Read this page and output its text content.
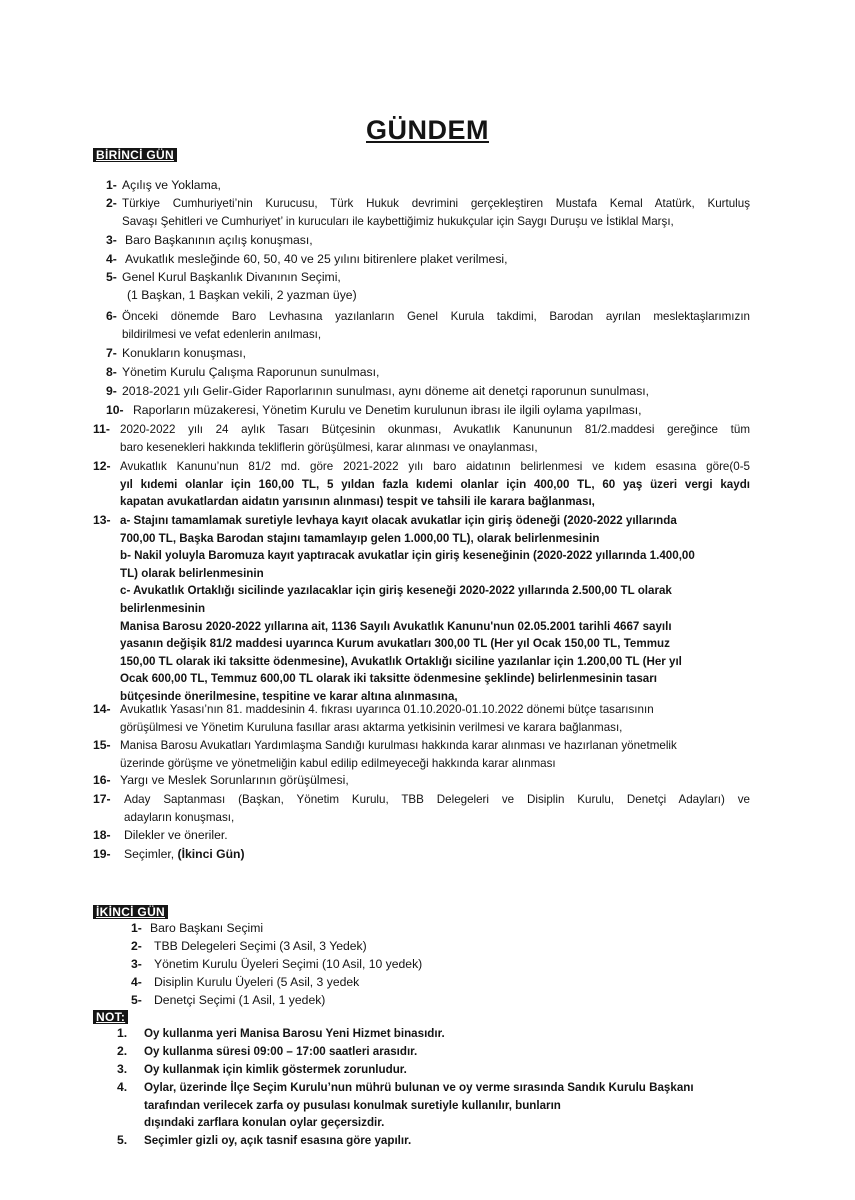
GÜNDEM
BİRİNCİ GÜN
1- Açılış ve Yoklama,

2- Türkiye Cumhuriyeti’nin Kurucusu, Türk Hukuk devrimini gerçekleştiren Mustafa Kemal Atatürk, Kurtuluş

Savaşı Şehitleri ve Cumhuriyet’ in kurucuları ile kaybettiğimiz hukukçular için Saygı Duruşu ve İstiklal Marşı,

3- Baro Başkanının açılış konuşması,

4- Avukatlık mesleğinde 60, 50, 40 ve 25 yılını bitirenlere plaket verilmesi,

5- Genel Kurul Başkanlık Divanının Seçimi,

(1 Başkan, 1 Başkan vekili, 2 yazman üye)

6- Önceki dönemde Baro Levhasına yazılanların Genel Kurula takdimi, Barodan ayrılan meslektaşlarımızın

bildirilmesi ve vefat edenlerin anılması,

7- Konukların konuşması,

8- Yönetim Kurulu Çalışma Raporunun sunulması,

9- 2018-2021 yılı Gelir-Gider Raporlarının sunulması, aynı döneme ait denetçi raporunun sunulması,

10- Raporların müzakeresi, Yönetim Kurulu ve Denetim kurulunun ibrası ile ilgili oylama yapılması,

11- 2020-2022 yılı 24 aylık Tasarı Bütçesinin okunması, Avukatlık Kanununun 81/2.maddesi gereğince tüm

baro kesenekleri hakkında tekliflerin görüşülmesi, karar alınması ve onaylanması,

12- Avukatlık Kanunu’nun 81/2 md. göre 2021-2022 yılı baro aidatının belirlenmesi ve kıdem esasına göre(0-5

yıl kıdemi olanlar için 160,00 TL, 5 yıldan fazla kıdemi olanlar için 400,00 TL, 60 yaş üzeri vergi kaydı

kapatan avukatlardan aidatın yarısının alınması) tespit ve tahsili ile karara bağlanması,

13- a- Stajını tamamlamak suretiyle levhaya kayıt olacak avukatlar için giriş ödeneği (2020-2022 yıllarında

700,00 TL, Başka Barodan stajını tamamlayıp gelen 1.000,00 TL), olarak belirlenmesinin

b- Nakil yoluyla Baromuza kayıt yaptıracak avukatlar için giriş keseneğinin (2020-2022 yıllarında 1.400,00

TL) olarak belirlenmesinin

c- Avukatlık Ortaklığı sicilinde yazılacaklar için giriş keseneği 2020-2022 yıllarında 2.500,00 TL olarak

belirlenmesinin

Manisa Barosu 2020-2022 yıllarına ait, 1136 Sayılı Avukatlık Kanunu'nun 02.05.2001 tarihli 4667 sayılı

yasanın değişik 81/2 maddesi uyarınca Kurum avukatları 300,00 TL (Her yıl Ocak 150,00 TL, Temmuz

150,00 TL olarak iki taksitte ödenmesine), Avukatlık Ortaklığı siciline yazılanlar için 1.200,00 TL (Her yıl

Ocak 600,00 TL, Temmuz 600,00 TL olarak iki taksitte ödenmesine şeklinde) belirlenmesinin tasarı

bütçesinde önerilmesine, tespitine ve karar altına alınmasına,

14- Avukatlık Yasası’nın 81. maddesinin 4. fıkrası uyarınca 01.10.2020-01.10.2022 dönemi bütçe tasarısının

görüşülmesi ve Yönetim Kuruluna fasıllar arası aktarma yetkisinin verilmesi ve karara bağlanması,

15- Manisa Barosu Avukatları Yardımlaşma Sandığı kurulması hakkında karar alınması ve hazırlanan yönetmelik

üzerinde görüşme ve yönetmeliğin kabul edilip edilmeyeceği hakkında karar alınması

16- Yargı ve Meslek Sorunlarının görüşülmesi,

17- Aday Saptanması (Başkan, Yönetim Kurulu, TBB Delegeleri ve Disiplin Kurulu, Denetçi Adayları) ve

adayların konuşması,

18- Dilekler ve öneriler.

19- Seçimler, (İkinci Gün)

İKİNCİ GÜN
1- Baro Başkanı Seçimi

2- TBB Delegeleri Seçimi (3 Asil, 3 Yedek)

3- Yönetim Kurulu Üyeleri Seçimi (10 Asil, 10 yedek)

4- Disiplin Kurulu Üyeleri (5 Asil, 3 yedek

5- Denetçi Seçimi (1 Asil, 1 yedek)

NOT:
1. Oy kullanma yeri Manisa Barosu Yeni Hizmet binasıdır.

2. Oy kullanma süresi 09:00 – 17:00 saatleri arasıdır.

3. Oy kullanmak için kimlik göstermek zorunludur.

4. Oylar, üzerinde İlçe Seçim Kurulu’nun mührü bulunan ve oy verme sırasında Sandık Kurulu Başkanı

tarafından verilecek zarfa oy pusulası konulmak suretiyle kullanılır, bunların

dışındaki zarflara konulan oylar geçersizdir.

5. Seçimler gizli oy, açık tasnif esasına göre yapılır.
